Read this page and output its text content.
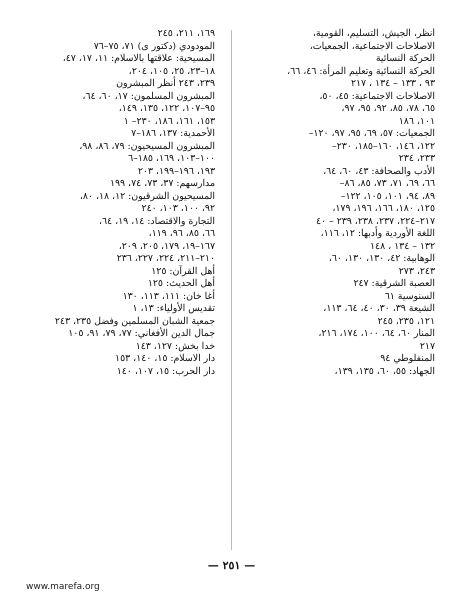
أنظر، الجيش، التسليم، القومية،
الاصلاحات الاجتماعية، الجمعيات،
الحركة النسائية
الحركة النسائية وتعليم المرأة: ٤٦، ٦٦،
٩٣ ، ١٣٣ – ١٣٤ ، ٢١٧
الاصلاحات الاجتماعية: ٤٥، ٥٠،
٦٥، ٧٨، ٨٥، ٩٢، ٩٥، ٩٧،
١٠١، ١٨٦
الجمعيات: ٥٧، ٦٩، ٩٥، ٩٧، ١٢٠–
١٢٢، ١٤٦، ١٦٠–١٨٥، ٢٣٠–
٢٣٣، ٢٣٤
الأدب والصحافة: ٤٣، ٦٠، ٦٤،
٦٦، ٦٩، ٧١، ٧٣، ٨٥، ٨٦–
٨٩، ٩٤، ١٠١، ١٠٥، ١٢٢–
١٢٥، ١٨٠، ١٦٦، ١٩٦، ١٧٩،
٢١٧–٢٢٤، ٢٣٧، ٢٣٨، ٢٣٩ – ٤٠
اللغة الأوردية وأدبها: ١٢، ١١٦،
١٣٢ – ١٣٤ ، ١٤٨
الوهابية: ٤٢، ١٣٠، ١٣٠، ٦٠،
٢٤٣، ٢٧٣
العصبة الشرقية: ٢٤٧
السنوسية ٦١
الشيعة ٣٩، ٣٠، ٤٠، ٦٤، ١١٣،
١٢١، ٢٣٥، ٢٤٥
المنار ٦٠، ٦٤، ١٠٠، ١٧٤، ٢١٦،
٢١٧
المنفلوطي ٩٤
الجهاد: ٥٥، ٦٠، ١٣٥، ١٣٩،
١٦٩، ٢١١، ٢٤٥
المودودي (دكتور ى) ٧١، ٧٥–٧٦
المسيحية: علاقتها بالاسلام: ١١، ١٧، ٤٧،
١٨–٢٣، ٢٥، ١٠٥، ٢٠٤،
٢٣٩، ٢٤٣ أنظر المبشرون
المبشرون المسلمون: ١٧، ٦٠، ٦٤،
٩٥–١٠٧، ١٢٢، ١٣٥، ١٤٩،
١٥٣، ١٦١، ١٨٦، ٢٣٠– ١
الأحمدية: ١٣٧، ١٨٦–٧
المبشرون المسيحيون: ٧٩، ٨٦، ٩٨،
١٠٠–١٠٣، ١٦٩، ١٨٥–٦
١٩٣، ١٩٦–١٩٩، ٢٠٣
مدارسهم: ٣٧، ٧٣، ٧٤، ١٩٩
المسيحيون الشرقيون: ١٢، ١٨، ٨٠،
٩٢، ١٠٠، ١٠٣، ٢٤٠
التجارة والاقتصاد: ١٤، ١٩، ٦٤،
٦٦، ٨٥، ٩٦، ١١٩،
١٦٧–١٩، ١٧٩، ٢٠٥، ٢٠٩،
٢١٠–٢١١، ٢٢٤، ٢٢٧، ٢٣٦
أهل القرآن: ١٢٥
أهل الحديث: ١٢٥
أغا خان: ١١١، ١١٣، ١٣٠
تقديس الأولياء: ١٣، ١
جمعية الشبان المسلمين وفضل ٢٣٥، ٢٤٣
جمال الدين الأفغاني: ٧٧، ٧٩، ٩١، ١٠٥
خدا بخش: ١٢٧، ١٤٣
دار الاسلام: ١٥، ١٤٠، ١٥٣
دار الحرب: ١٥، ١٠٧، ١٤٠
— ٢٥١ —
www.marefa.org
